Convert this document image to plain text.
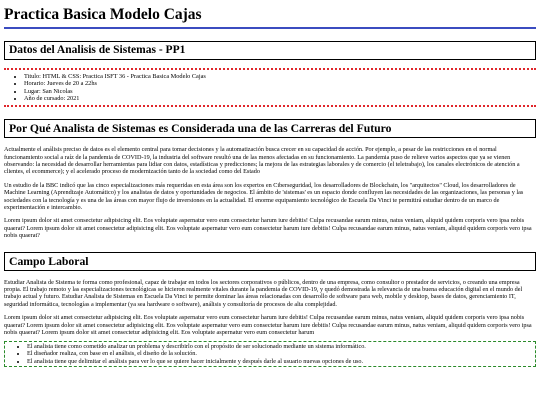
Practica Basica Modelo Cajas
Datos del Analisis de Sistemas - PP1
• Titulo: HTML & CSS: Practica ISFT 36 - Practica Basica Modelo Cajas
• Horario: Jueves de 20 a 22hs
• Lugar: San Nicolas
• Año de cursado: 2021
Por Qué Analista de Sistemas es Considerada una de las Carreras del Futuro

Actualmente el análisis preciso de datos es el elemento central para tomar decisiones y la automatización busca crecer en su capacidad de acción. Por ejemplo, a pesar de las restricciones en el normal funcionamiento social a raíz de la pandemia de COVID-19, la industria del software resultó una de las menos afectadas en su funcionamiento. La pandemia puso de relieve varios aspectos que ya se vienen observando: la necesidad de desarrollar herramientas para lidiar con datos, estadísticas y predicciones; la mejora de las estrategias laborales y de comercio (el teletrabajo), los canales electrónicos de atención a clientes, el ecommerce); y el acelerado proceso de modernización tanto de la sociedad como del Estado

Un estudio de la BBC indicó que las cinco especializaciones más requeridas en esta área son los expertos en Ciberseguridad, los desarrolladores de Blockchain, los "arquitectos" Cloud, los desarrolladores de Machine Learning (Aprendizaje Automático) y los analistas de datos y oportunidades de negocios. El ámbito de 'sistemas' es un espacio donde confluyen las necesidades de las organizaciones, las personas y las sociedades con la tecnología y es una de las áreas con mayor flujo de inversiones en la actualidad. El enorme equipamiento tecnológico de Escuela Da Vinci te permitirá estudiar dentro de un marco de experimentación e intercambio.

Lorem ipsum dolor sit amet consectetur adipisicing elit. Eos voluptate aspernatur vero eum consectetur harum iure debitis! Culpa recusandae earum minus, natus veniam, aliquid quidem corporis vero ipsa nobis quaerat? Lorem ipsum dolor sit amet consectetur adipisicing elit. Eos voluptate aspernatur vero eum consectetur harum iure debitis! Culpa recusandae earum minus, natus veniam, aliquid quidem corporis vero ipsa nobis quaerat?

Campo Laboral

Estudiar Analista de Sistema te forma como profesional, capaz de trabajar en todos los sectores corporativos o públicos, dentro de una empresa, como consultor o prestador de servicios, o creando una empresa propia. El trabajo remoto y las especializaciones tecnológicas se hicieron realmente vitales durante la pandemia de COVID-19, y quedó demostrada la relevancia de una buena educación digital en el mundo del trabajo actual y futuro. Estudiar Analista de Sistemas en Escuela Da Vinci te permite dominar las áreas relacionadas con desarrollo de software para web, mobile y desktop, bases de datos, gerenciamiento IT, seguridad informática, tecnologías a implementar (ya sea hardware o software), análisis y consultoría de procesos de alta complejidad.

Lorem ipsum dolor sit amet consectetur adipisicing elit. Eos voluptate aspernatur vero eum consectetur harum iure debitis! Culpa recusandae earum minus, natus veniam, aliquid quidem corporis vero ipsa nobis quaerat? Lorem ipsum dolor sit amet consectetur adipisicing elit. Eos voluptate aspernatur vero eum consectetur harum iure debitis! Culpa recusandae earum minus, natus veniam, aliquid quidem corporis vero ipsa nobis quaerat? Lorem ipsum dolor sit amet consectetur adipisicing elit. Eos voluptate aspernatur vero eum consectetur harum

• El analista tiene como cometido analizar un problema y describirlo con el propósito de ser solucionado mediante un sistema informático.
• El diseñador realiza, con base en el análisis, el diseño de la solución.
• El analista tiene que delimitar el análisis para ver lo que se quiere hacer inicialmente y después darle al usuario nuevas opciones de uso.
